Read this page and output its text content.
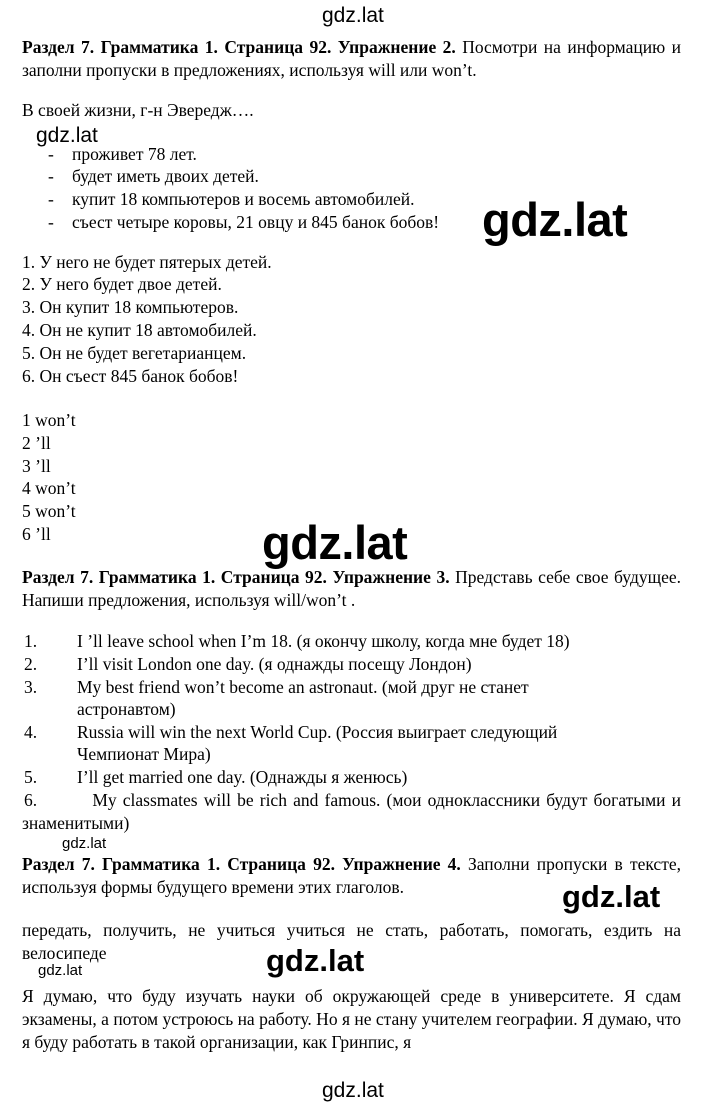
gdz.lat
gdz.lat
gdz.lat
gdz.lat
gdz.lat
gdz.lat
gdz.lat
gdz.lat
gdz.lat
Раздел 7. Грамматика 1. Страница 92. Упражнение 2. Посмотри на информацию и заполни пропуски в предложениях, используя will или won’t.
В своей жизни, г-н Эвередж….
- проживет 78 лет.
- будет иметь двоих детей.
- купит 18 компьютеров и восемь автомобилей.
- съест четыре коровы, 21 овцу и 845 банок бобов!
1. У него не будет пятерых детей.
2. У него будет двое детей.
3. Он купит 18 компьютеров.
4. Он не купит 18 автомобилей.
5. Он не будет вегетарианцем.
6. Он съест 845 банок бобов!
1 won’t
2 ’ll
3 ’ll
4 won’t
5 won’t
6 ’ll
Раздел 7. Грамматика 1. Страница 92. Упражнение 3. Представь себе свое будущее. Напиши предложения, используя will/won’t .
1. I ’ll leave school when I’m 18. (я окончу школу, когда мне будет 18)
2. I’ll visit London one day. (я однажды посещу Лондон)
3. My best friend won’t become an astronaut. (мой друг не станет
астронавтом)
4. Russia will win the next World Cup. (Россия выиграет следующий
Чемпионат Мира)
5. I’ll get married one day. (Однажды я женюсь)
6.	My classmates will be rich and famous. (мои одноклассники будут богатыми и знаменитыми)
Раздел 7. Грамматика 1. Страница 92. Упражнение 4. Заполни пропуски в тексте, используя формы будущего времени этих глаголов.
передать, получить, не учиться учиться не стать, работать, помогать, ездить на велосипеде
Я думаю, что буду изучать науки об окружающей среде в университете. Я сдам экзамены, а потом устроюсь на работу. Но я не стану учителем географии. Я думаю, что я буду работать в такой организации, как Гринпис, я
